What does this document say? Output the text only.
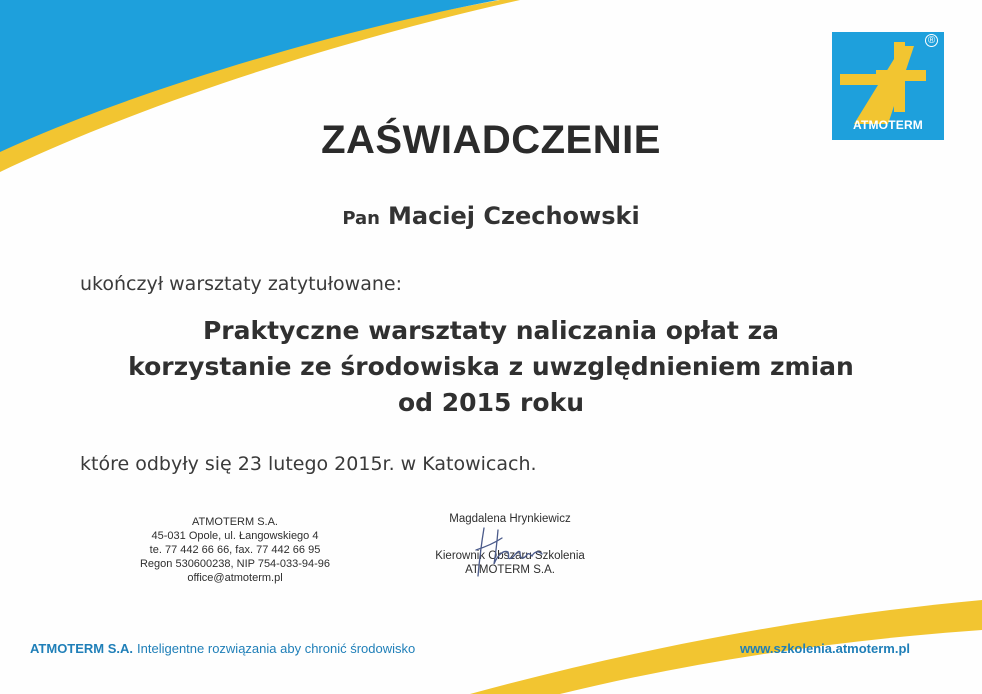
®
ATMOTERM
ZAŚWIADCZENIE
Pan Maciej Czechowski
ukończył warsztaty zatytułowane:
Praktyczne warsztaty naliczania opłat za
korzystanie ze środowiska z uwzględnieniem zmian
od 2015 roku
które odbyły się 23 lutego 2015r. w Katowicach.
ATMOTERM S.A.
45-031 Opole, ul. Łangowskiego 4
te. 77 442 66 66, fax. 77 442 66 95
Regon 530600238, NIP 754-033-94-96
office@atmoterm.pl
Magdalena Hrynkiewicz
Kierownik Obszaru Szkolenia
ATMOTERM S.A.
ATMOTERM S.A. Inteligentne rozwiązania aby chronić środowisko	www.szkolenia.atmoterm.pl
